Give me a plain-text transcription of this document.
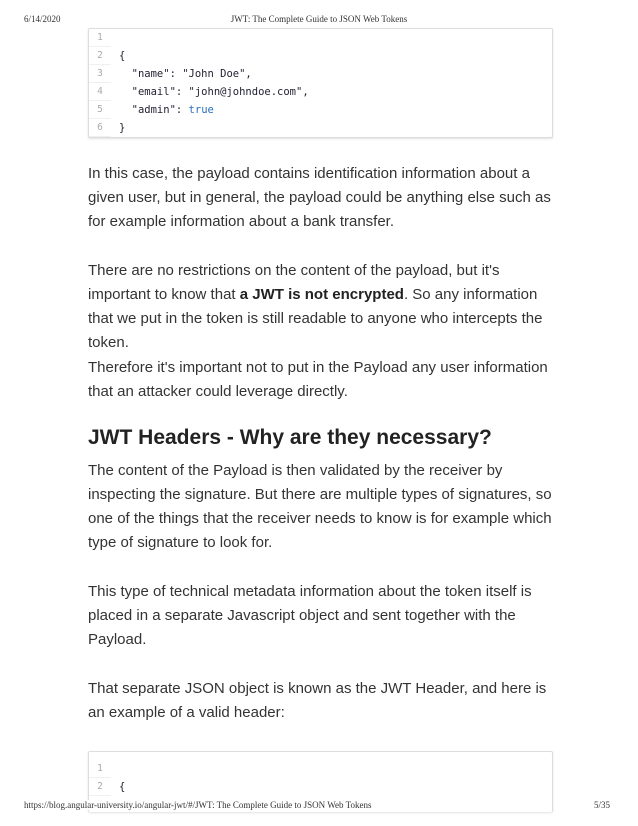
6/14/2020	JWT: The Complete Guide to JSON Web Tokens
1
2	{
3	"name": "John Doe",
4	"email": "john@johndoe.com",
5	"admin": true
6	}

In this case, the payload contains identification information about a given user, but in general, the payload could be anything else such as for example information about a bank transfer.

There are no restrictions on the content of the payload, but it's important to know that a JWT is not encrypted. So any information that we put in the token is still readable to anyone who intercepts the token.

Therefore it's important not to put in the Payload any user information that an attacker could leverage directly.

JWT Headers - Why are they necessary?

The content of the Payload is then validated by the receiver by inspecting the signature. But there are multiple types of signatures, so one of the things that the receiver needs to know is for example which type of signature to look for.

This type of technical metadata information about the token itself is placed in a separate Javascript object and sent together with the Payload.

That separate JSON object is known as the JWT Header, and here is an example of a valid header:

1
2	{
https://blog.angular-university.io/angular-jwt/#/JWT: The Complete Guide to JSON Web Tokens	5/35
